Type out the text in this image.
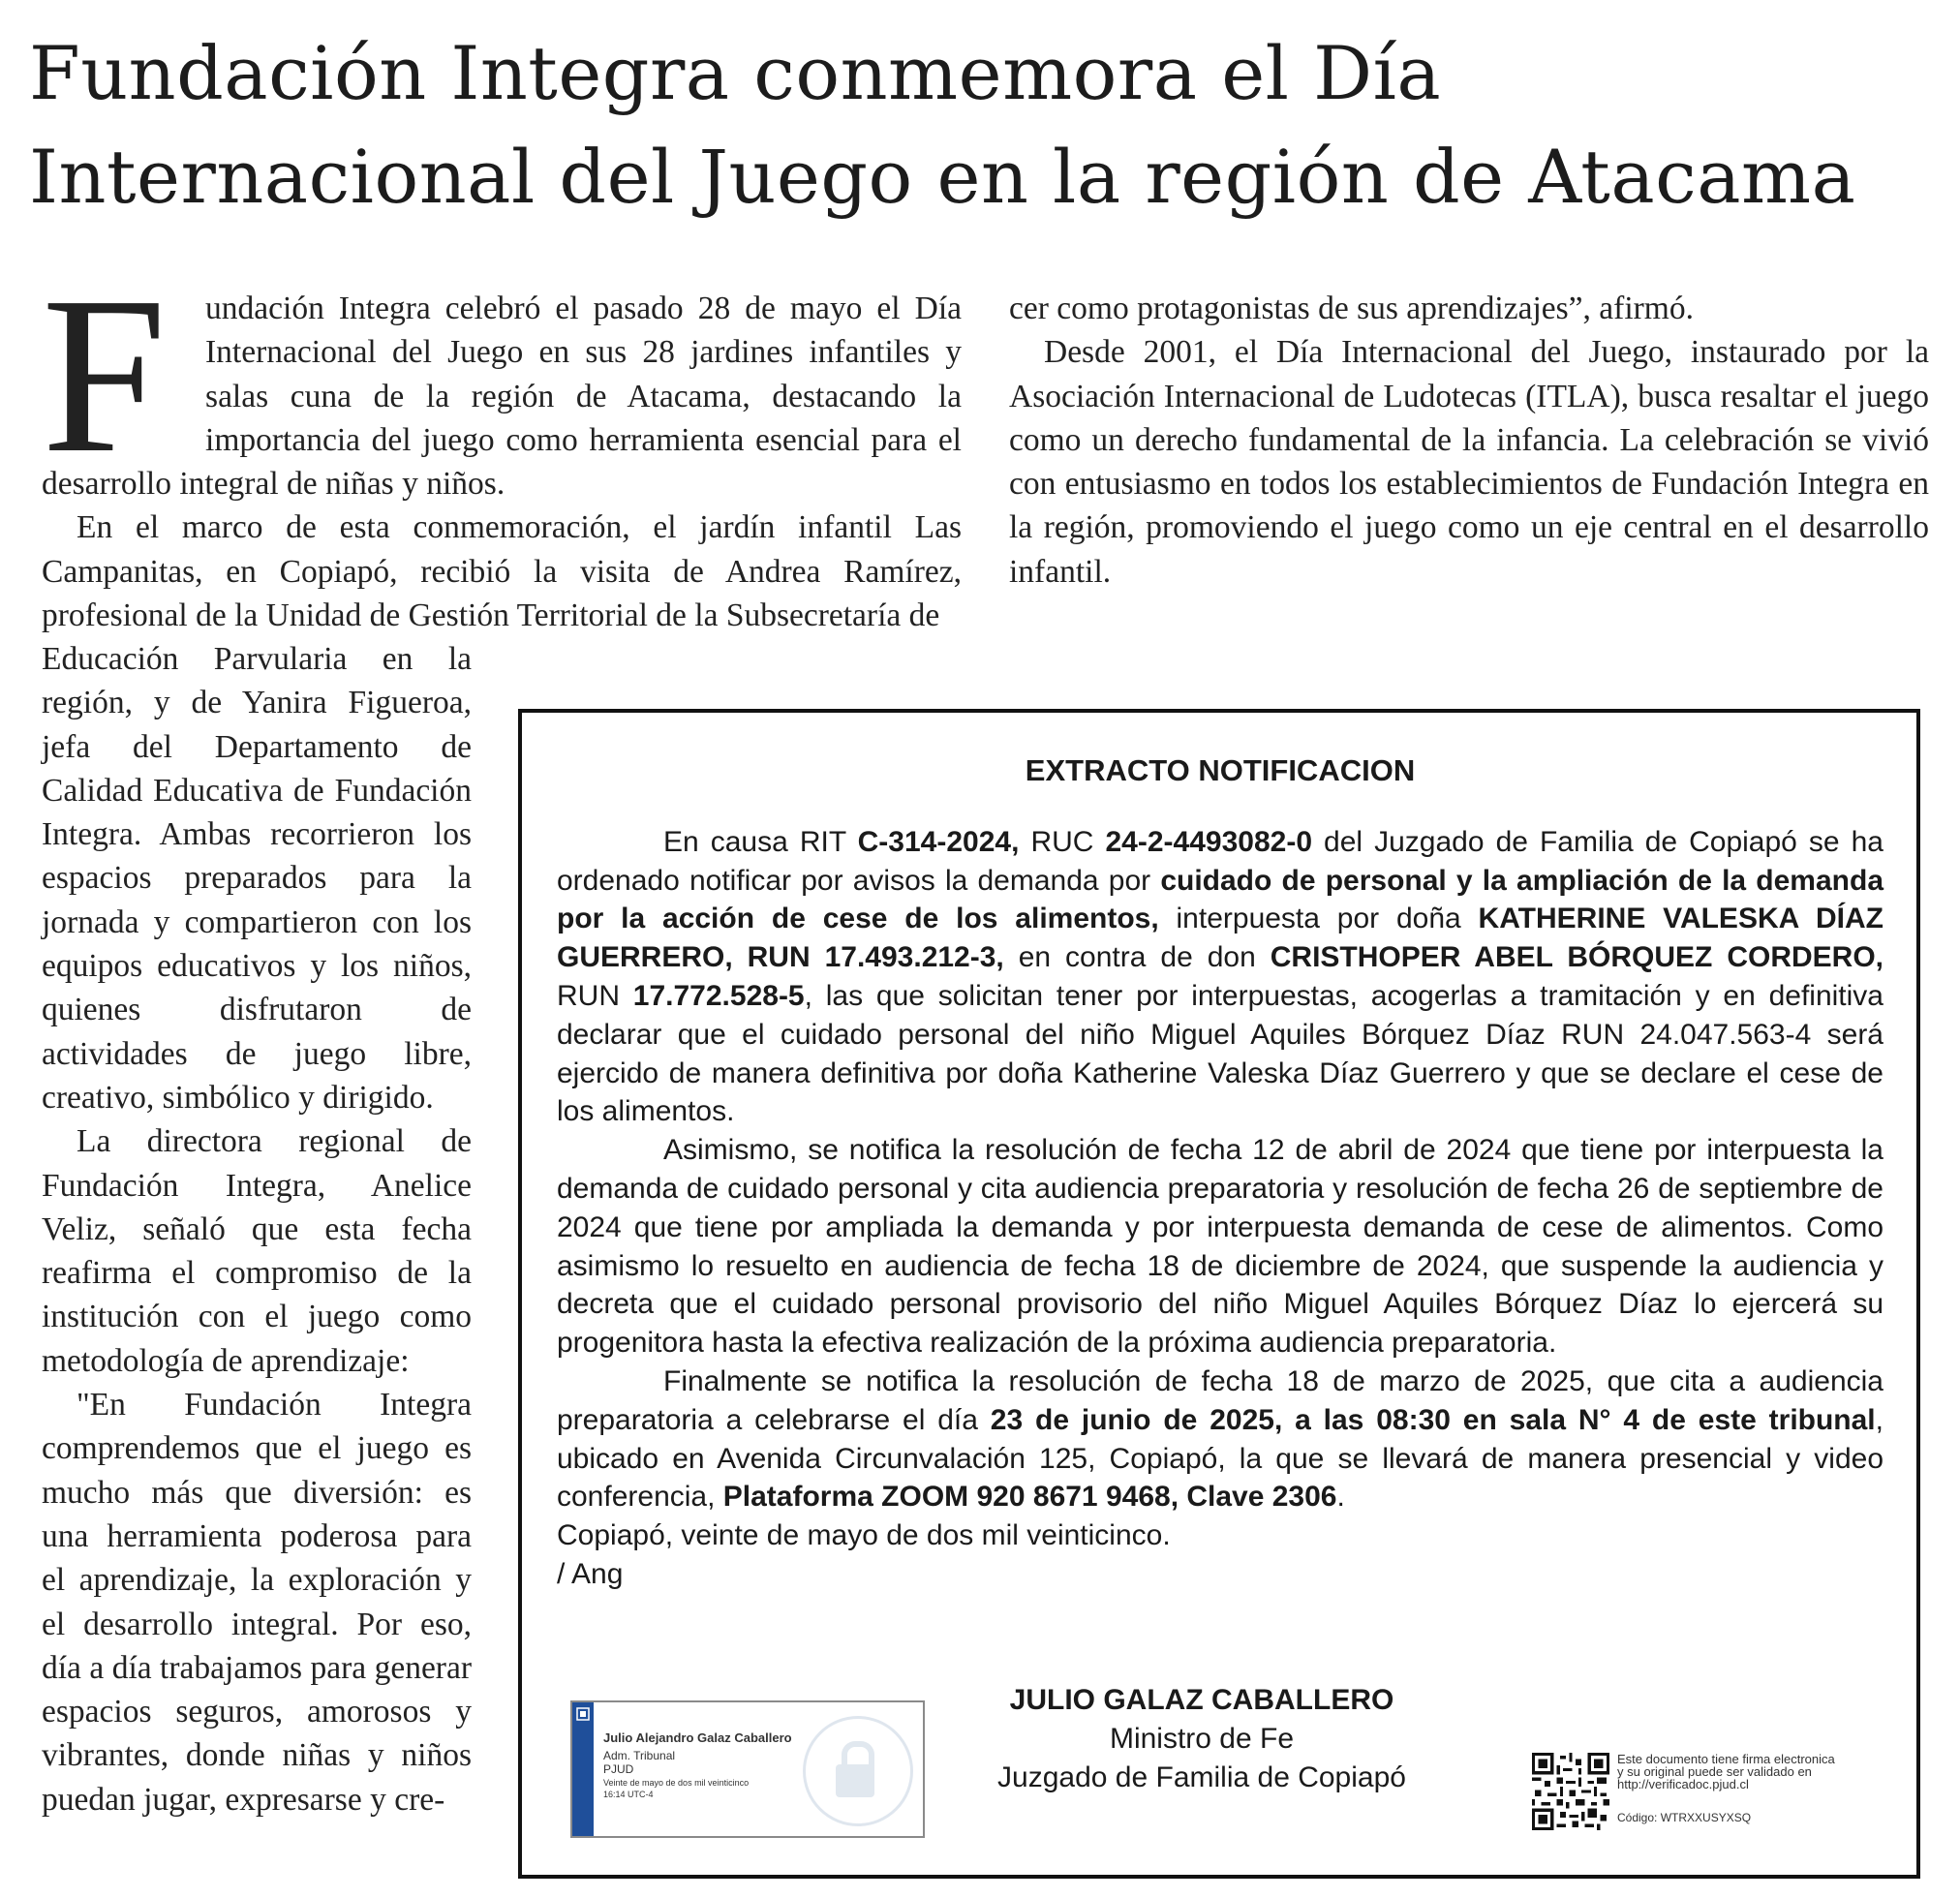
Fundación Integra conmemora el Día
Internacional del Juego en la región de Atacama
F	undación Integra celebró el pasado 28 de mayo el Día Internacional del Juego en sus 28 jardines infantiles y salas cuna de la región de Atacama, destacando la importancia del juego como herramienta esencial para el desarrollo integral de niñas y niños.

En el marco de esta conmemoración, el jardín infantil Las Campanitas, en Copiapó, recibió la visita de Andrea Ramírez, profesional de la Unidad de Gestión Territorial de la Subsecretaría de

Educación Parvularia en la región, y de Yanira Figueroa, jefa del Departamento de Calidad Educativa de Fundación Integra. Ambas recorrieron los espacios preparados para la jornada y compartieron con los equipos educativos y los niños, quienes disfrutaron de actividades de juego libre, creativo, simbólico y dirigido.

La directora regional de Fundación Integra, Anelice Veliz, señaló que esta fecha reafirma el compromiso de la institución con el juego como metodología de aprendizaje:

"En Fundación Integra comprendemos que el juego es mucho más que diversión: es una herramienta poderosa para el aprendizaje, la exploración y el desarrollo integral. Por eso, día a día trabajamos para generar espacios seguros, amorosos y vibrantes, donde niñas y niños puedan jugar, expresarse y cre-

cer como protagonistas de sus aprendizajes”, afirmó.

Desde 2001, el Día Internacional del Juego, instaurado por la Asociación Internacional de Ludotecas (ITLA), busca resaltar el juego como un derecho fundamental de la infancia. La celebración se vivió con entusiasmo en todos los establecimientos de Fundación Integra en la región, promoviendo el juego como un eje central en el desarrollo infantil.

EXTRACTO NOTIFICACION

En causa RIT C-314-2024, RUC 24-2-4493082-0 del Juzgado de Familia de Copiapó se ha ordenado notificar por avisos la demanda por cuidado de personal y la ampliación de la demanda por la acción de cese de los alimentos, interpuesta por doña KATHERINE VALESKA DÍAZ GUERRERO, RUN 17.493.212-3, en contra de don CRISTHOPER ABEL BÓRQUEZ CORDERO, RUN 17.772.528-5, las que solicitan tener por interpuestas, acogerlas a tramitación y en definitiva declarar que el cuidado personal del niño Miguel Aquiles Bórquez Díaz RUN 24.047.563-4 será ejercido de manera definitiva por doña Katherine Valeska Díaz Guerrero y que se declare el cese de los alimentos.

Asimismo, se notifica la resolución de fecha 12 de abril de 2024 que tiene por interpuesta la demanda de cuidado personal y cita audiencia preparatoria y resolución de fecha 26 de septiembre de 2024 que tiene por ampliada la demanda y por interpuesta demanda de cese de alimentos. Como asimismo lo resuelto en audiencia de fecha 18 de diciembre de 2024, que suspende la audiencia y decreta que el cuidado personal provisorio del niño Miguel Aquiles Bórquez Díaz lo ejercerá su progenitora hasta la efectiva realización de la próxima audiencia preparatoria.

Finalmente se notifica la resolución de fecha 18 de marzo de 2025, que cita a audiencia preparatoria a celebrarse el día 23 de junio de 2025, a las 08:30 en sala N° 4 de este tribunal, ubicado en Avenida Circunvalación 125, Copiapó, la que se llevará de manera presencial y video conferencia, Plataforma ZOOM 920 8671 9468, Clave 2306.

Copiapó, veinte de mayo de dos mil veinticinco.

/ Ang

JULIO GALAZ CABALLERO
Ministro de Fe
Juzgado de Familia de Copiapó
Julio Alejandro Galaz Caballero
Adm. Tribunal
PJUD
Veinte de mayo de dos mil veinticinco
16:14 UTC-4
Este documento tiene firma electronica
y su original puede ser validado en
http://verificadoc.pjud.cl
Código: WTRXXUSYXSQ
